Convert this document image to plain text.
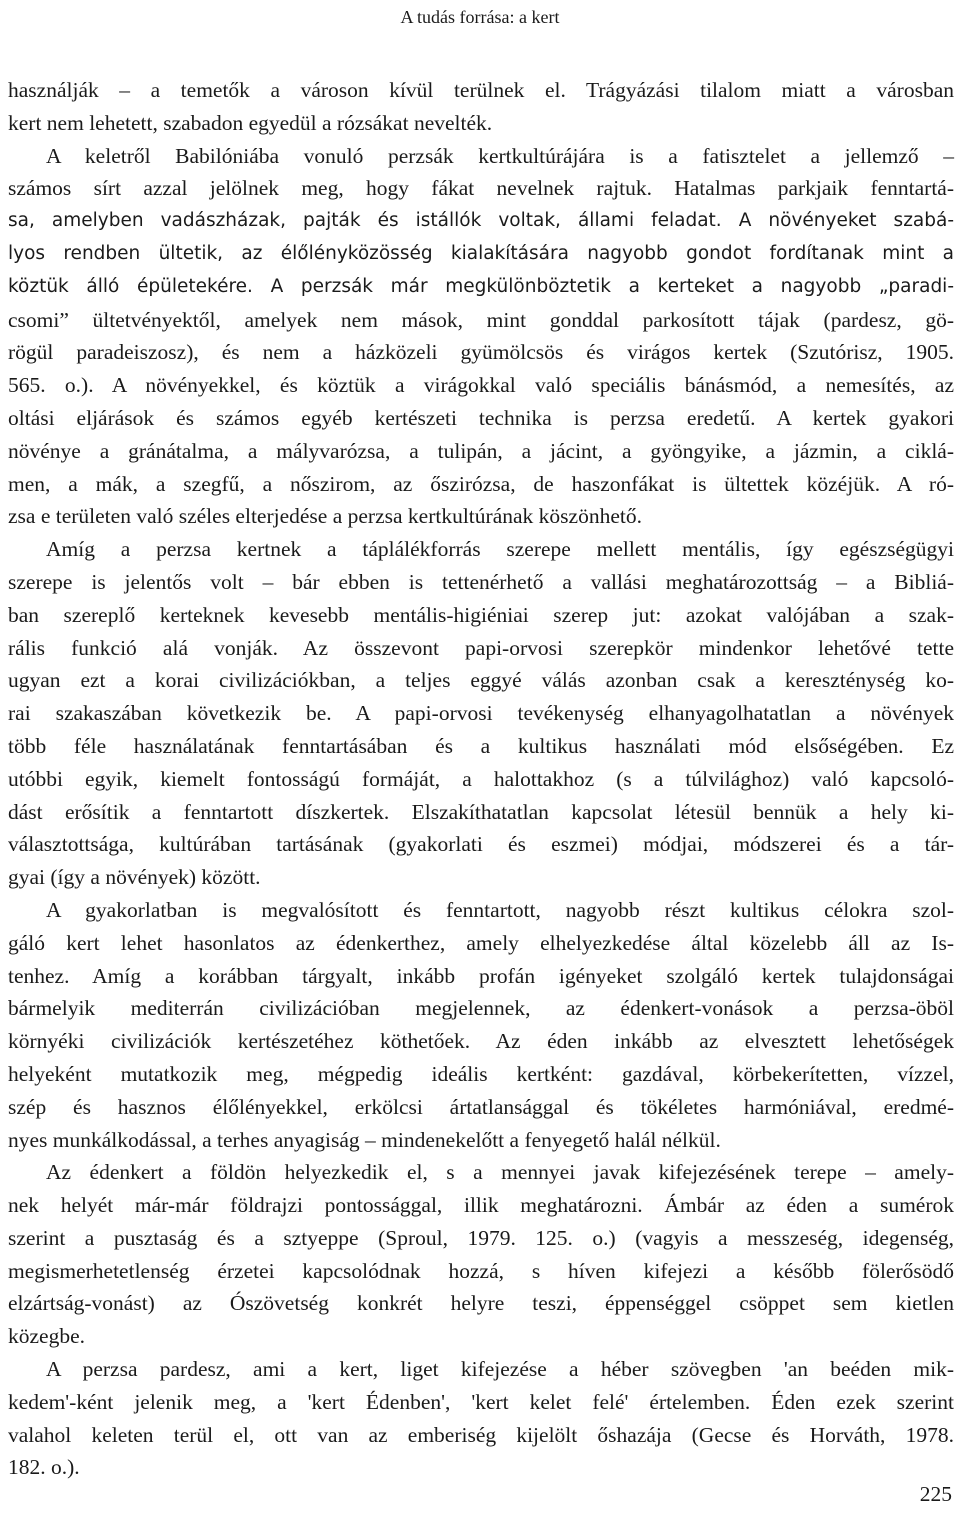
A tudás forrása: a kert
használják – a temetők a városon kívül terülnek el. Trágyázási tilalom miatt a városban
kert nem lehetett, szabadon egyedül a rózsákat nevelték.
A keletről Babilóniába vonuló perzsák kertkultúrájára is a fatisztelet a jellemző –
számos sírt azzal jelölnek meg, hogy fákat nevelnek rajtuk. Hatalmas parkjaik fenntartá-
sa, amelyben vadászházak, pajták és istállók voltak, állami feladat. A növényeket szabá-
lyos rendben ültetik, az élőlényközösség kialakítására nagyobb gondot fordítanak mint a
köztük álló épületekére. A perzsák már megkülönböztetik a kerteket a nagyobb „paradi-
csomi” ültetvényektől, amelyek nem mások, mint gonddal parkosított tájak (pardesz, gö-
rögül paradeiszosz), és nem a házközeli gyümölcsös és virágos kertek (Szutórisz, 1905.
565. o.). A növényekkel, és köztük a virágokkal való speciális bánásmód, a nemesítés, az
oltási eljárások és számos egyéb kertészeti technika is perzsa eredetű. A kertek gyakori
növénye a gránátalma, a mályvarózsa, a tulipán, a jácint, a gyöngyike, a jázmin, a ciklá-
men, a mák, a szegfű, a nőszirom, az őszirózsa, de haszonfákat is ültettek közéjük. A ró-
zsa e területen való széles elterjedése a perzsa kertkultúrának köszönhető.
Amíg a perzsa kertnek a táplálékforrás szerepe mellett mentális, így egészségügyi
szerepe is jelentős volt – bár ebben is tettenérhető a vallási meghatározottság – a Bibliá-
ban szereplő kerteknek kevesebb mentális-higiéniai szerep jut: azokat valójában a szak-
rális funkció alá vonják. Az összevont papi-orvosi szerepkör mindenkor lehetővé tette
ugyan ezt a korai civilizációkban, a teljes eggyé válás azonban csak a kereszténység ko-
rai szakaszában következik be. A papi-orvosi tevékenység elhanyagolhatatlan a növények
több féle használatának fenntartásában és a kultikus használati mód elsőségében. Ez
utóbbi egyik, kiemelt fontosságú formáját, a halottakhoz (s a túlvilághoz) való kapcsoló-
dást erősítik a fenntartott díszkertek. Elszakíthatatlan kapcsolat létesül bennük a hely ki-
választottsága, kultúrában tartásának (gyakorlati és eszmei) módjai, módszerei és a tár-
gyai (így a növények) között.
A gyakorlatban is megvalósított és fenntartott, nagyobb részt kultikus célokra szol-
gáló kert lehet hasonlatos az édenkerthez, amely elhelyezkedése által közelebb áll az Is-
tenhez. Amíg a korábban tárgyalt, inkább profán igényeket szolgáló kertek tulajdonságai
bármelyik mediterrán civilizációban megjelennek, az édenkert-vonások a perzsa-öböl
környéki civilizációk kertészetéhez köthetőek. Az éden inkább az elvesztett lehetőségek
helyeként mutatkozik meg, mégpedig ideális kertként: gazdával, körbekerítetten, vízzel,
szép és hasznos élőlényekkel, erkölcsi ártatlansággal és tökéletes harmóniával, eredmé-
nyes munkálkodással, a terhes anyagiság – mindenekelőtt a fenyegető halál nélkül.
Az édenkert a földön helyezkedik el, s a mennyei javak kifejezésének terepe – amely-
nek helyét már-már földrajzi pontossággal, illik meghatározni. Ámbár az éden a sumérok
szerint a pusztaság és a sztyeppe (Sproul, 1979. 125. o.) (vagyis a messzeség, idegenség,
megismerhetetlenség érzetei kapcsolódnak hozzá, s híven kifejezi a később fölerősödő
elzártság-vonást) az Ószövetség konkrét helyre teszi, éppenséggel csöppet sem kietlen
közegbe.
A perzsa pardesz, ami a kert, liget kifejezése a héber szövegben 'an beéden mik-
kedem'-ként jelenik meg, a 'kert Édenben', 'kert kelet felé' értelemben. Éden ezek szerint
valahol keleten terül el, ott van az emberiség kijelölt őshazája (Gecse és Horváth, 1978.
182. o.).
225
